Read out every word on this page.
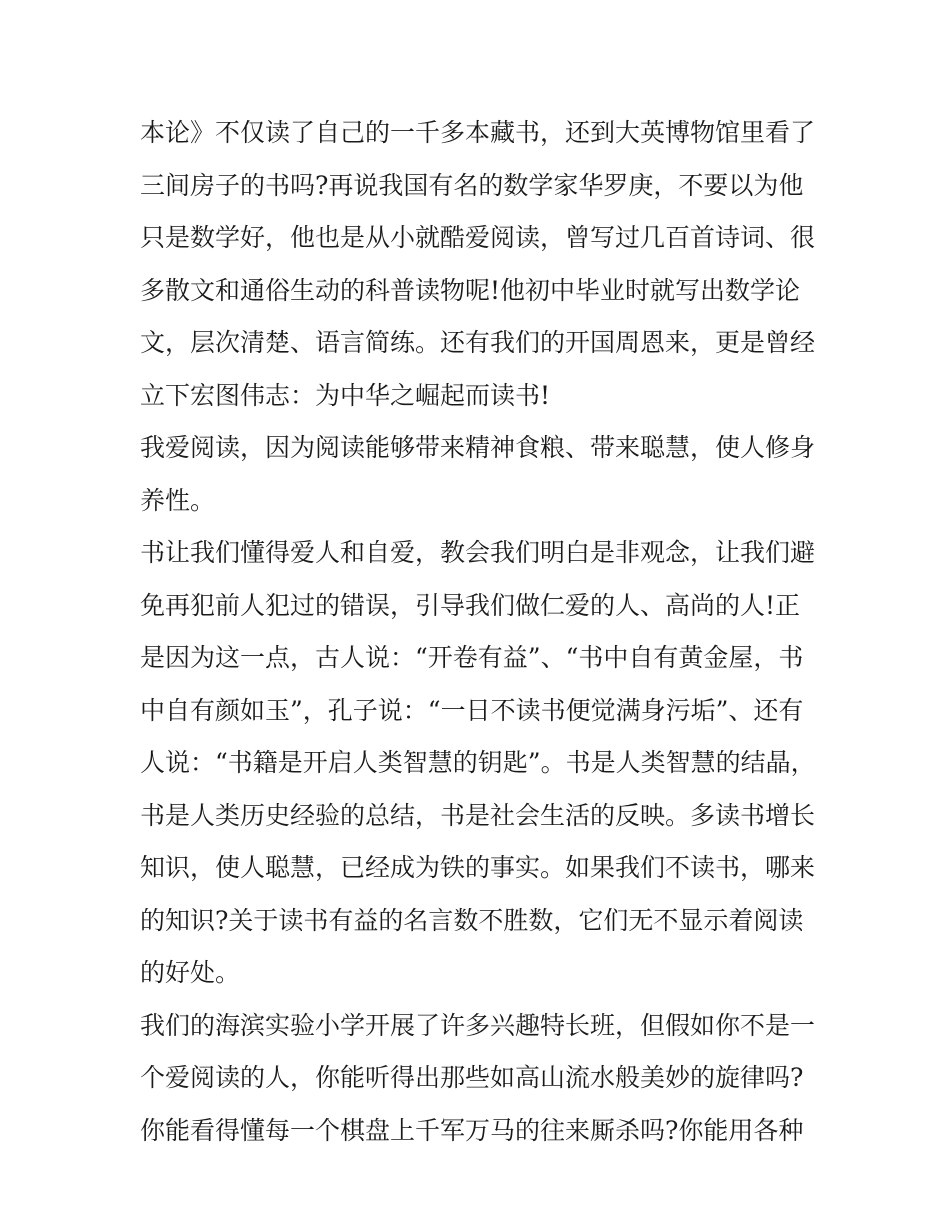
本论》不仅读了自己的一千多本藏书，还到大英博物馆里看了
三间房子的书吗?再说我国有名的数学家华罗庚，不要以为他
只是数学好，他也是从小就酷爱阅读，曾写过几百首诗词、很
多散文和通俗生动的科普读物呢!他初中毕业时就写出数学论
文，层次清楚、语言简练。还有我们的开国周恩来，更是曾经
立下宏图伟志：为中华之崛起而读书!
我爱阅读，因为阅读能够带来精神食粮、带来聪慧，使人修身
养性。
书让我们懂得爱人和自爱，教会我们明白是非观念，让我们避
免再犯前人犯过的错误，引导我们做仁爱的人、高尚的人!正
是因为这一点，古人说：“开卷有益”、“书中自有黄金屋，书
中自有颜如玉”，孔子说：“一日不读书便觉满身污垢”、还有
人说：“书籍是开启人类智慧的钥匙”。书是人类智慧的结晶，
书是人类历史经验的总结，书是社会生活的反映。多读书增长
知识，使人聪慧，已经成为铁的事实。如果我们不读书，哪来
的知识?关于读书有益的名言数不胜数，它们无不显示着阅读
的好处。
我们的海滨实验小学开展了许多兴趣特长班，但假如你不是一
个爱阅读的人，你能听得出那些如高山流水般美妙的旋律吗?
你能看得懂每一个棋盘上千军万马的往来厮杀吗?你能用各种
